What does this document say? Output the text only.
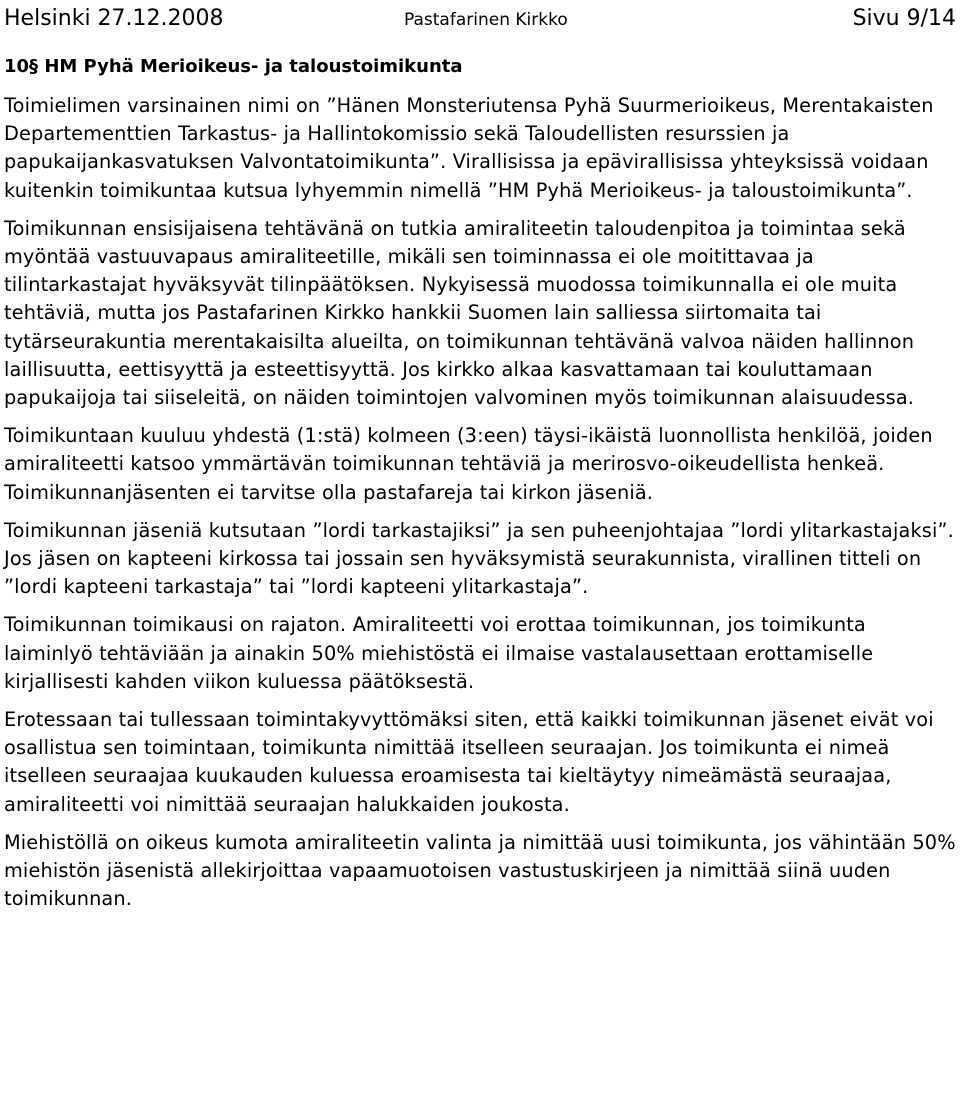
Helsinki 27.12.2008	Pastafarinen Kirkko	Sivu 9/14
10§ HM Pyhä Merioikeus- ja taloustoimikunta

Toimielimen varsinainen nimi on ”Hänen Monsteriutensa Pyhä Suurmerioikeus, Merentakaisten Departementtien Tarkastus- ja Hallintokomissio sekä Taloudellisten resurssien ja papukaijankasvatuksen Valvontatoimikunta”. Virallisissa ja epävirallisissa yhteyksissä voidaan kuitenkin toimikuntaa kutsua lyhyemmin nimellä ”HM Pyhä Merioikeus- ja taloustoimikunta”.

Toimikunnan ensisijaisena tehtävänä on tutkia amiraliteetin taloudenpitoa ja toimintaa sekä myöntää vastuuvapaus amiraliteetille, mikäli sen toiminnassa ei ole moitittavaa ja tilintarkastajat hyväksyvät tilinpäätöksen. Nykyisessä muodossa toimikunnalla ei ole muita tehtäviä, mutta jos Pastafarinen Kirkko hankkii Suomen lain salliessa siirtomaita tai tytärseurakuntia merentakaisilta alueilta, on toimikunnan tehtävänä valvoa näiden hallinnon laillisuutta, eettisyyttä ja esteettisyyttä. Jos kirkko alkaa kasvattamaan tai kouluttamaan papukaijoja tai siiseleitä, on näiden toimintojen valvominen myös toimikunnan alaisuudessa.

Toimikuntaan kuuluu yhdestä (1:stä) kolmeen (3:een) täysi-ikäistä luonnollista henkilöä, joiden amiraliteetti katsoo ymmärtävän toimikunnan tehtäviä ja merirosvo-oikeudellista henkeä. Toimikunnanjäsenten ei tarvitse olla pastafareja tai kirkon jäseniä.

Toimikunnan jäseniä kutsutaan ”lordi tarkastajiksi” ja sen puheenjohtajaa ”lordi ylitarkastajaksi”. Jos jäsen on kapteeni kirkossa tai jossain sen hyväksymistä seurakunnista, virallinen titteli on ”lordi kapteeni tarkastaja” tai ”lordi kapteeni ylitarkastaja”.

Toimikunnan toimikausi on rajaton. Amiraliteetti voi erottaa toimikunnan, jos toimikunta laiminlyö tehtäviään ja ainakin 50% miehistöstä ei ilmaise vastalausettaan erottamiselle kirjallisesti kahden viikon kuluessa päätöksestä.

Erotessaan tai tullessaan toimintakyvyttömäksi siten, että kaikki toimikunnan jäsenet eivät voi osallistua sen toimintaan, toimikunta nimittää itselleen seuraajan. Jos toimikunta ei nimeä itselleen seuraajaa kuukauden kuluessa eroamisesta tai kieltäytyy nimeämästä seuraajaa, amiraliteetti voi nimittää seuraajan halukkaiden joukosta.

Miehistöllä on oikeus kumota amiraliteetin valinta ja nimittää uusi toimikunta, jos vähintään 50% miehistön jäsenistä allekirjoittaa vapaamuotoisen vastustuskirjeen ja nimittää siinä uuden toimikunnan.
